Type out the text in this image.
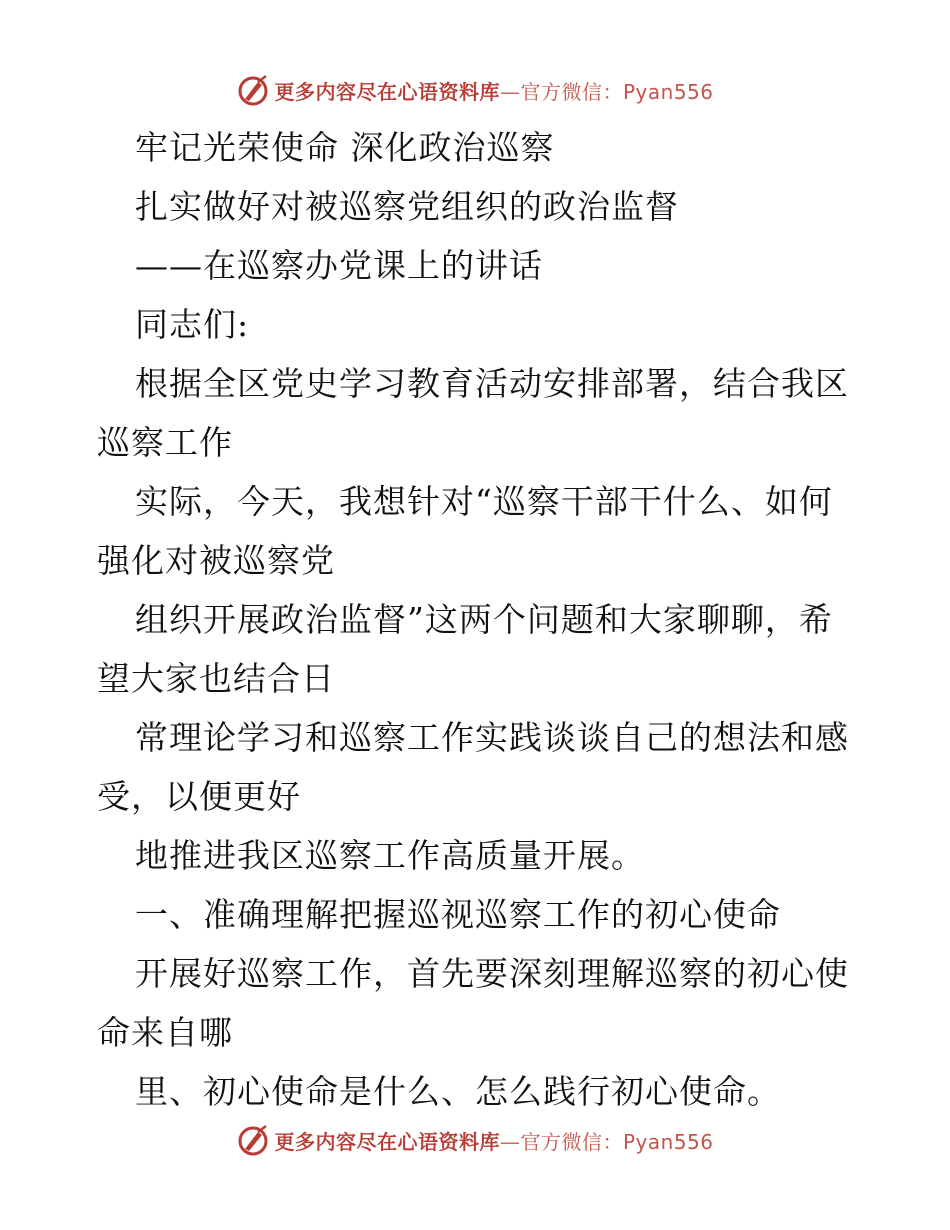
更多内容尽在心语资料库—官方微信：Pyan556
牢记光荣使命 深化政治巡察
扎实做好对被巡察党组织的政治监督
——在巡察办党课上的讲话
同志们:
根据全区党史学习教育活动安排部署，结合我区
巡察工作
实际，今天，我想针对“巡察干部干什么、如何
强化对被巡察党
组织开展政治监督”这两个问题和大家聊聊，希
望大家也结合日
常理论学习和巡察工作实践谈谈自己的想法和感
受，以便更好
地推进我区巡察工作高质量开展。
一、准确理解把握巡视巡察工作的初心使命
开展好巡察工作，首先要深刻理解巡察的初心使
命来自哪
里、初心使命是什么、怎么践行初心使命。
更多内容尽在心语资料库—官方微信：Pyan556
